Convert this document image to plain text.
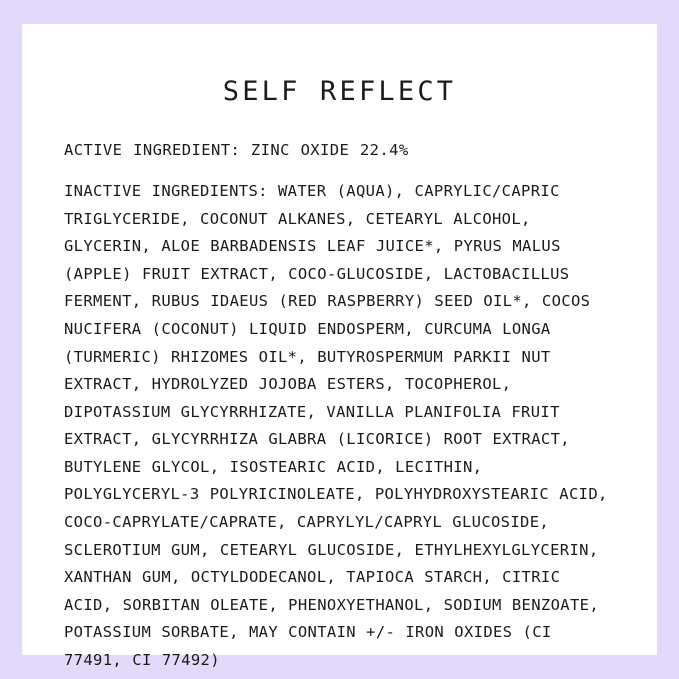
SELF REFLECT
ACTIVE INGREDIENT: ZINC OXIDE 22.4%
INACTIVE INGREDIENTS: WATER (AQUA), CAPRYLIC/CAPRIC TRIGLYCERIDE, COCONUT ALKANES, CETEARYL ALCOHOL, GLYCERIN, ALOE BARBADENSIS LEAF JUICE*, PYRUS MALUS (APPLE) FRUIT EXTRACT, COCO-GLUCOSIDE, LACTOBACILLUS FERMENT, RUBUS IDAEUS (RED RASPBERRY) SEED OIL*, COCOS NUCIFERA (COCONUT) LIQUID ENDOSPERM, CURCUMA LONGA (TURMERIC) RHIZOMES OIL*, BUTYROSPERMUM PARKII NUT EXTRACT, HYDROLYZED JOJOBA ESTERS, TOCOPHEROL, DIPOTASSIUM GLYCYRRHIZATE, VANILLA PLANIFOLIA FRUIT EXTRACT, GLYCYRRHIZA GLABRA (LICORICE) ROOT EXTRACT, BUTYLENE GLYCOL, ISOSTEARIC ACID, LECITHIN, POLYGLYCERYL-3 POLYRICINOLEATE, POLYHYDROXYSTEARIC ACID, COCO-CAPRYLATE/CAPRATE, CAPRYLYL/CAPRYL GLUCOSIDE, SCLEROTIUM GUM, CETEARYL GLUCOSIDE, ETHYLHEXYLGLYCERIN, XANTHAN GUM, OCTYLDODECANOL, TAPIOCA STARCH, CITRIC ACID, SORBITAN OLEATE, PHENOXYETHANOL, SODIUM BENZOATE, POTASSIUM SORBATE, MAY CONTAIN +/- IRON OXIDES (CI 77491, CI 77492)
